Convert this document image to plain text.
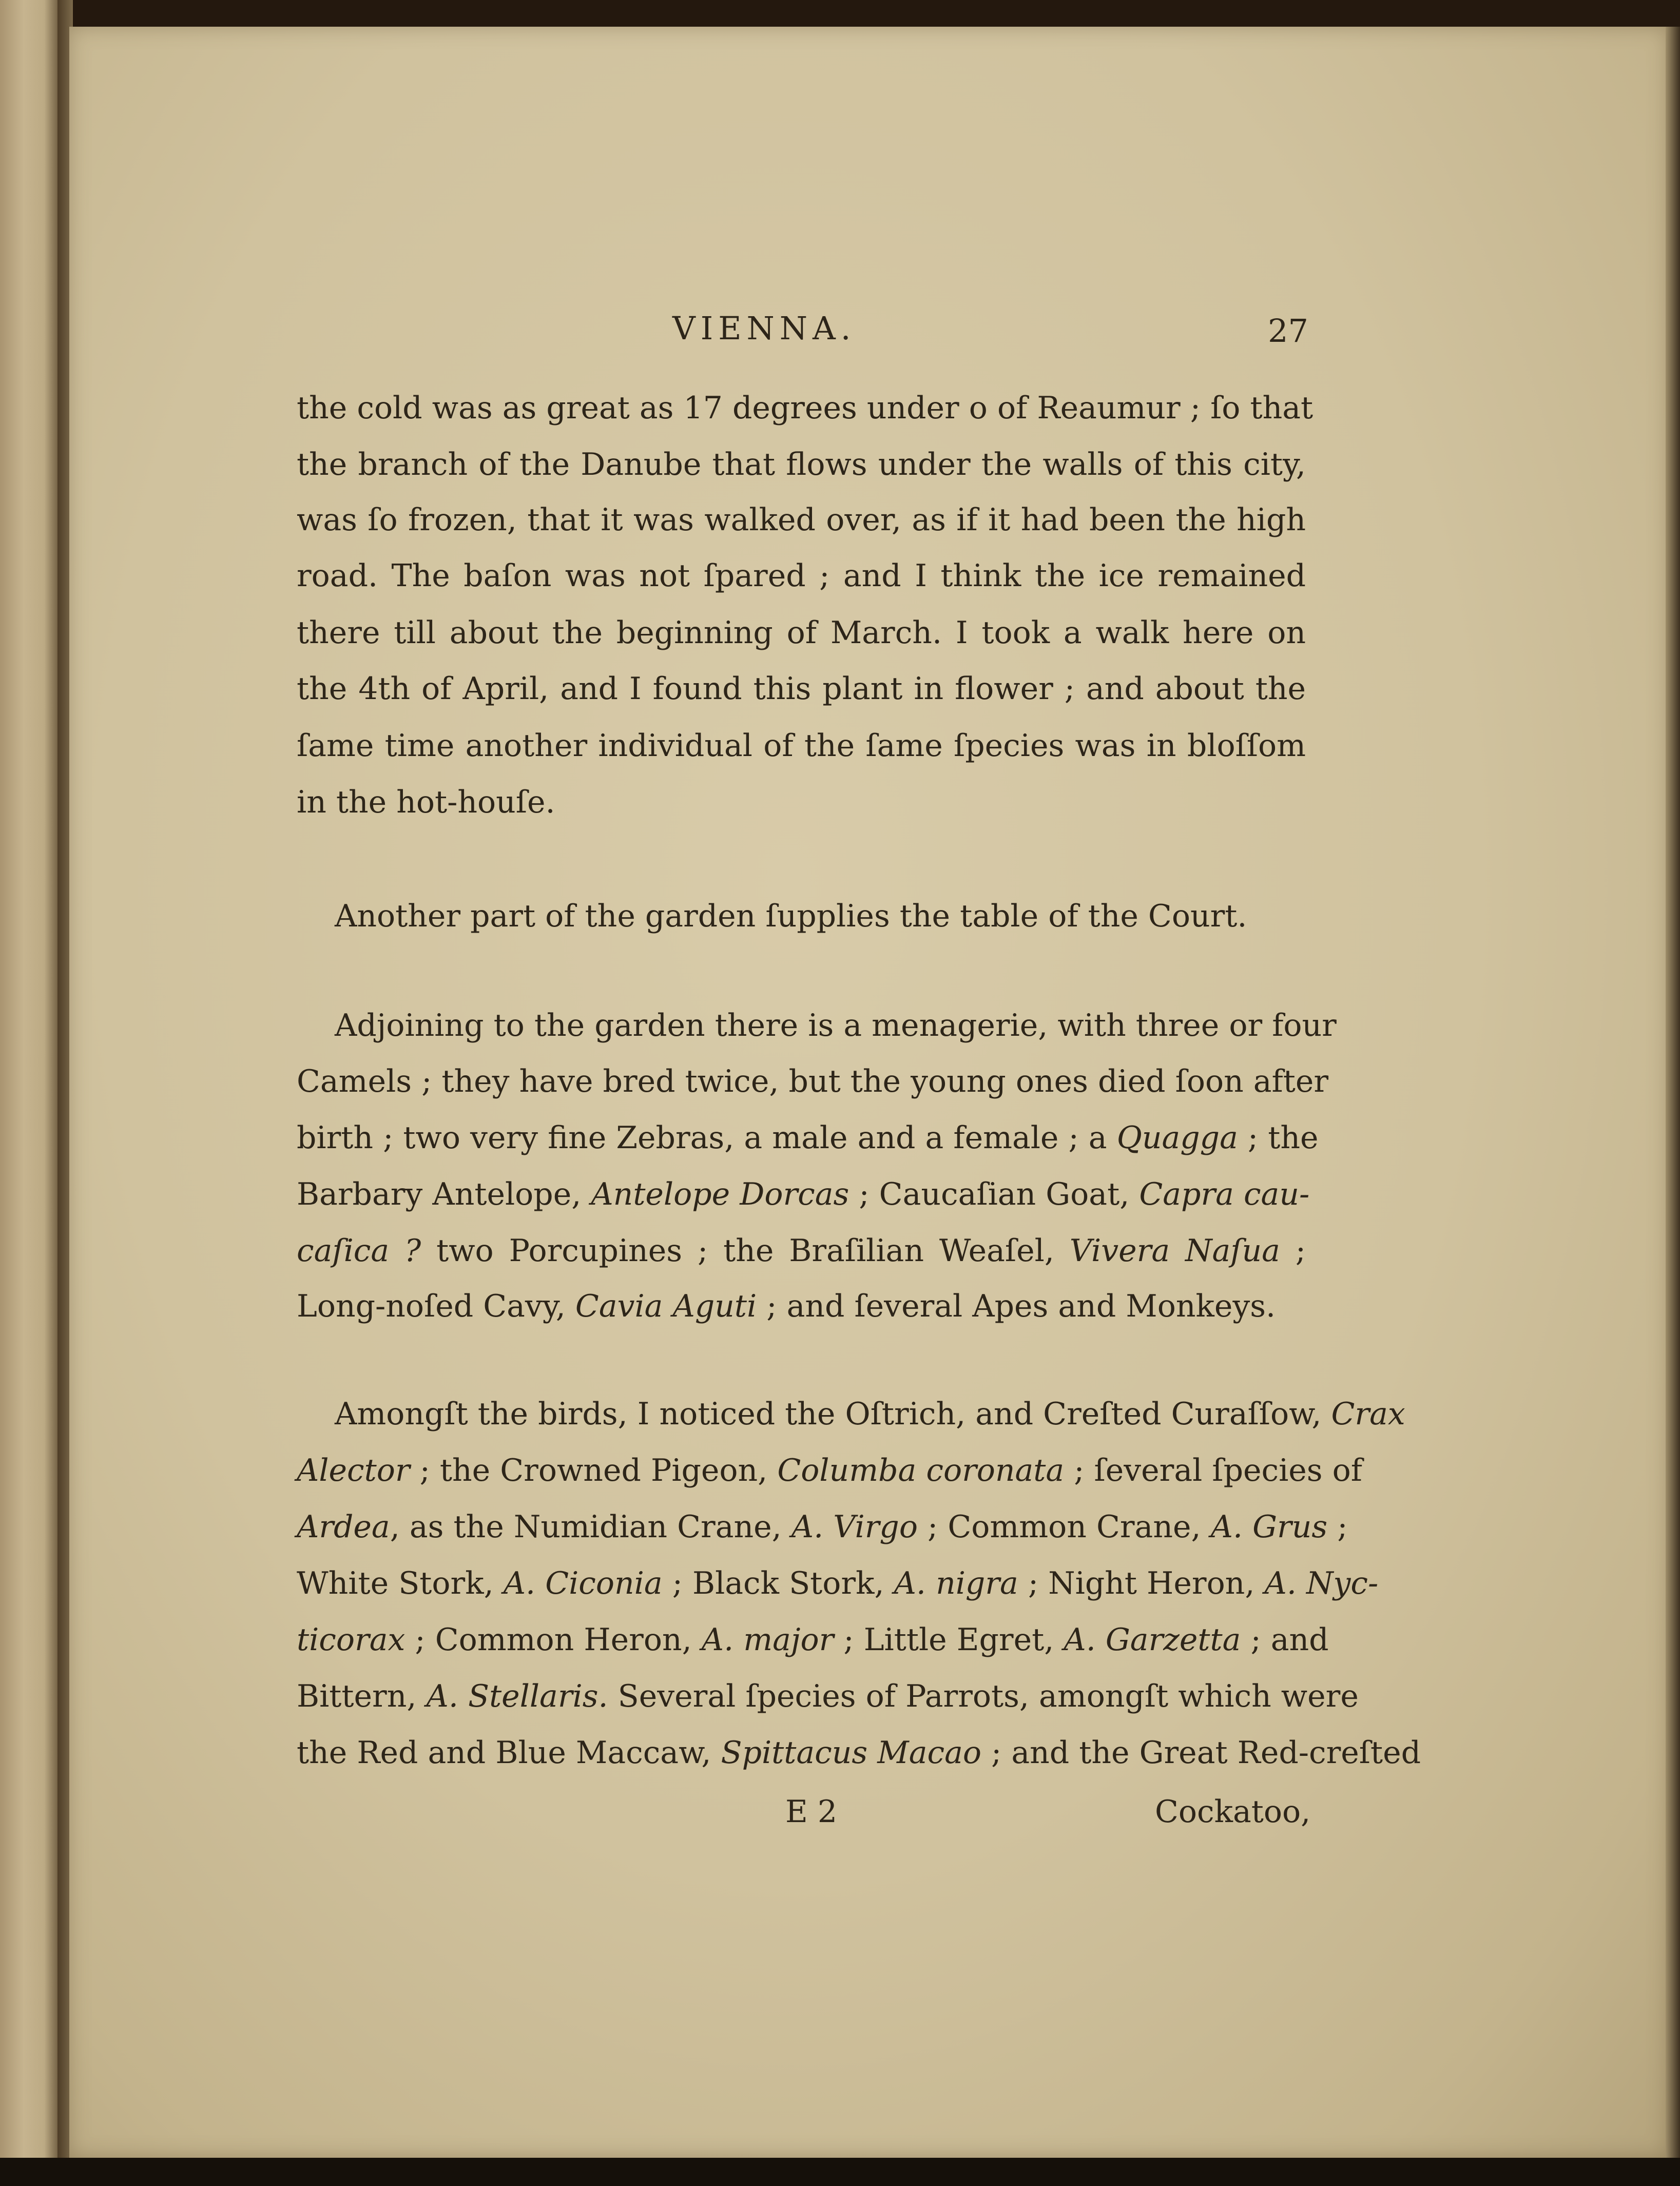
VIENNA.	27
the cold was as great as 17 degrees under o of Reaumur ; ſo that
the branch of the Danube that flows under the walls of this city,
was ſo frozen, that it was walked over, as if it had been the high
road. The baſon was not ſpared ; and I think the ice remained
there till about the beginning of March. I took a walk here on
the 4th of April, and I found this plant in flower ; and about the
ſame time another individual of the ſame ſpecies was in bloſſom
in the hot-houſe.
Another part of the garden ſupplies the table of the Court.
Adjoining to the garden there is a menagerie, with three or four
Camels ; they have bred twice, but the young ones died ſoon after
birth ; two very fine Zebras, a male and a female ; a Quagga ; the
Barbary Antelope, Antelope Dorcas ; Caucaſian Goat, Capra cau-
caſica ? two Porcupines ; the Braſilian Weaſel, Vivera Naſua ;
Long-noſed Cavy, Cavia Aguti ; and ſeveral Apes and Monkeys.
Amongſt the birds, I noticed the Oſtrich, and Creſted Curaſſow, Crax
Alector ; the Crowned Pigeon, Columba coronata ; ſeveral ſpecies of
Ardea, as the Numidian Crane, A. Virgo ; Common Crane, A. Grus ;
White Stork, A. Ciconia ; Black Stork, A. nigra ; Night Heron, A. Nyc-
ticorax ; Common Heron, A. major ; Little Egret, A. Garzetta ; and
Bittern, A. Stellaris. Several ſpecies of Parrots, amongſt which were
the Red and Blue Maccaw, Spittacus Macao ; and the Great Red-creſted
E 2	Cockatoo,
